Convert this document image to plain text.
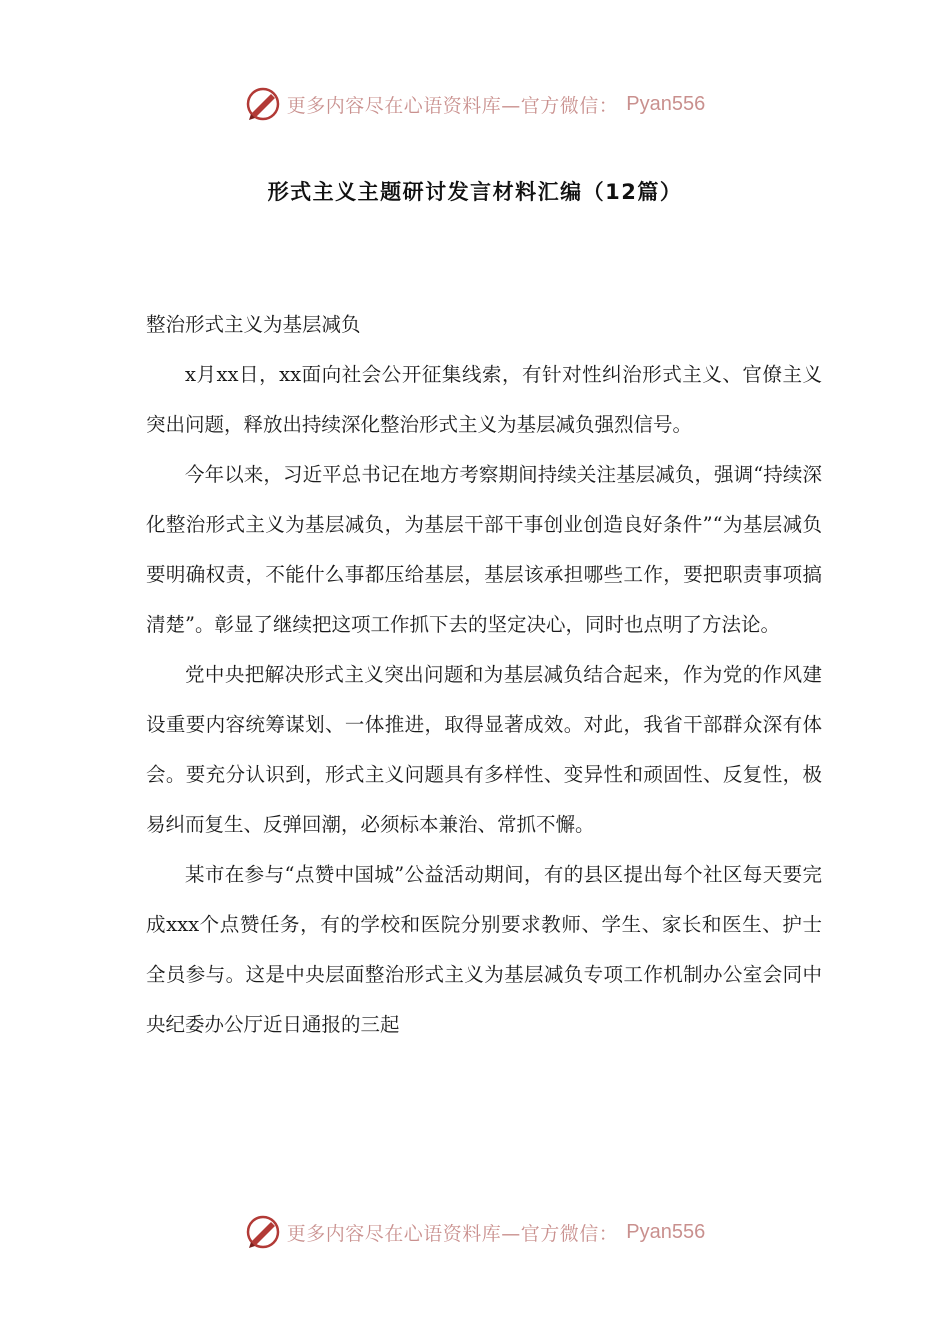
更多内容尽在心语资料库—官方微信： Pyan556
形式主义主题研讨发言材料汇编（12篇）

整治形式主义为基层减负

x月xx日，xx面向社会公开征集线索，有针对性纠治形式主义、官僚主义突出问题，释放出持续深化整治形式主义为基层减负强烈信号。

今年以来，习近平总书记在地方考察期间持续关注基层减负，强调“持续深化整治形式主义为基层减负，为基层干部干事创业创造良好条件”“为基层减负要明确权责，不能什么事都压给基层，基层该承担哪些工作，要把职责事项搞清楚”。彰显了继续把这项工作抓下去的坚定决心，同时也点明了方法论。

党中央把解决形式主义突出问题和为基层减负结合起来，作为党的作风建设重要内容统筹谋划、一体推进，取得显著成效。对此，我省干部群众深有体会。要充分认识到，形式主义问题具有多样性、变异性和顽固性、反复性，极易纠而复生、反弹回潮，必须标本兼治、常抓不懈。

某市在参与“点赞中国城”公益活动期间，有的县区提出每个社区每天要完成xxx个点赞任务，有的学校和医院分别要求教师、学生、家长和医生、护士全员参与。这是中央层面整治形式主义为基层减负专项工作机制办公室会同中央纪委办公厅近日通报的三起

更多内容尽在心语资料库—官方微信： Pyan556
